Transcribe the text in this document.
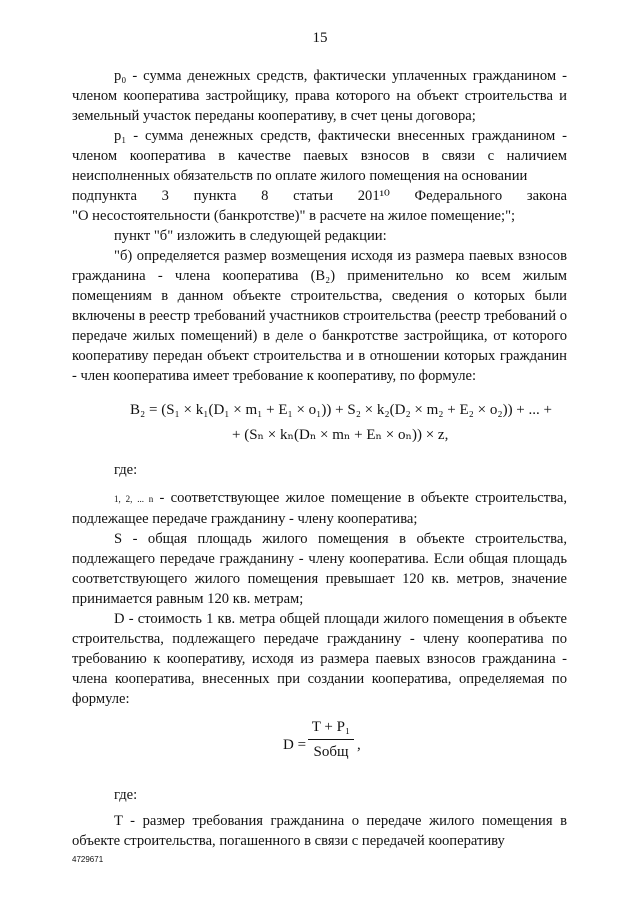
15

p₀ - сумма денежных средств, фактически уплаченных гражданином - членом кооператива застройщику, права которого на объект строительства и земельный участок переданы кооперативу, в счет цены договора;

p₁ - сумма денежных средств, фактически внесенных гражданином - членом кооператива в качестве паевых взносов в связи с наличием неисполненных обязательств по оплате жилого помещения на основании

подпункта 3 пункта 8 статьи 201¹⁰ Федерального закона

"О несостоятельности (банкротстве)" в расчете на жилое помещение;";

пункт "б" изложить в следующей редакции:

"б) определяется размер возмещения исходя из размера паевых взносов гражданина - члена кооператива (B₂) применительно ко всем жилым помещениям в данном объекте строительства, сведения о которых были включены в реестр требований участников строительства (реестр требований о передаче жилых помещений) в деле о банкротстве застройщика, от которого кооперативу передан объект строительства и в отношении которых гражданин - член кооператива имеет требование к кооперативу, по формуле:

B₂ = (S₁ × k₁(D₁ × m₁ + E₁ × o₁)) + S₂ × k₂(D₂ × m₂ + E₂ × o₂)) + ... +
+ (Sₙ × kₙ(Dₙ × mₙ + Eₙ × oₙ)) × z,

где:

1, 2, ... n - соответствующее жилое помещение в объекте строительства, подлежащее передаче гражданину - члену кооператива;

S - общая площадь жилого помещения в объекте строительства, подлежащего передаче гражданину - члену кооператива. Если общая площадь соответствующего жилого помещения превышает 120 кв. метров, значение принимается равным 120 кв. метрам;

D - стоимость 1 кв. метра общей площади жилого помещения в объекте строительства, подлежащего передаче гражданину - члену кооператива по требованию к кооперативу, исходя из размера паевых взносов гражданина - члена кооператива, внесенных при создании кооператива, определяемая по формуле:

D =
T + P₁
Sобщ ,

где:

T - размер требования гражданина о передаче жилого помещения в объекте строительства, погашенного в связи с передачей кооперативу

4729671
